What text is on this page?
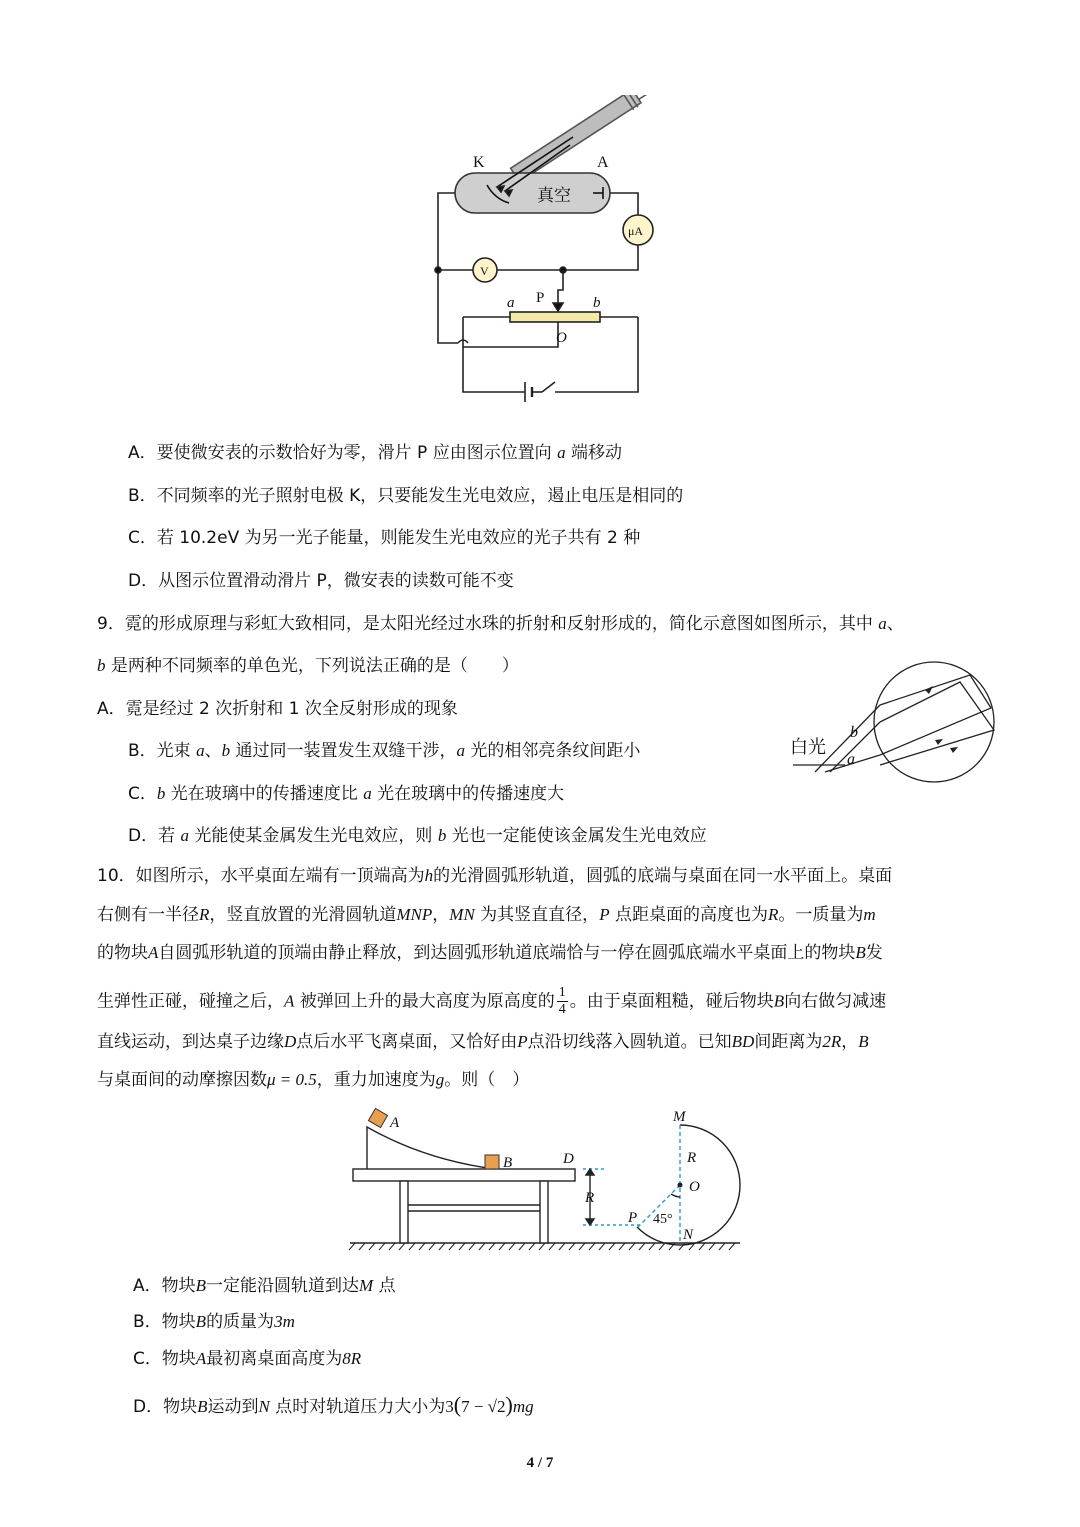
K	A
真空
μA
V
P
a	b
O
A．要使微安表的示数恰好为零，滑片 P 应由图示位置向 a 端移动
B．不同频率的光子照射电极 K，只要能发生光电效应，遏止电压是相同的
C．若 10.2eV 为另一光子能量，则能发生光电效应的光子共有 2 种
D．从图示位置滑动滑片 P，微安表的读数可能不变
9．霓的形成原理与彩虹大致相同，是太阳光经过水珠的折射和反射形成的，简化示意图如图所示，其中 a、
b 是两种不同频率的单色光，下列说法正确的是（　　）
A．霓是经过 2 次折射和 1 次全反射形成的现象
B．光束 a、b 通过同一装置发生双缝干涉，a 光的相邻亮条纹间距小
C．b 光在玻璃中的传播速度比 a 光在玻璃中的传播速度大
D．若 a 光能使某金属发生光电效应，则 b 光也一定能使该金属发生光电效应
白光
a
b
10．如图所示，水平桌面左端有一顶端高为h的光滑圆弧形轨道，圆弧的底端与桌面在同一水平面上。桌面
右侧有一半径R，竖直放置的光滑圆轨道MNP，MN 为其竖直直径，P 点距桌面的高度也为R。一质量为m
的物块A自圆弧形轨道的顶端由静止释放，到达圆弧形轨道底端恰与一停在圆弧底端水平桌面上的物块B发
生弹性正碰，碰撞之后，A 被弹回上升的最大高度为原高度的 $\frac{1}{4}$ 。由于桌面粗糙，碰后物块B向右做匀减速
直线运动，到达桌子边缘D点后水平飞离桌面，又恰好由P点沿切线落入圆轨道。已知BD间距离为2R，B
与桌面间的动摩擦因数μ = 0.5，重力加速度为g。则（　）
A
B	D
R
M
R
O
P 45°
N
A．物块B一定能沿圆轨道到达M 点
B．物块B的质量为3m
C．物块A最初离桌面高度为8R
D．物块B运动到N 点时对轨道压力大小为3(7 − √2)mg
4 / 7
